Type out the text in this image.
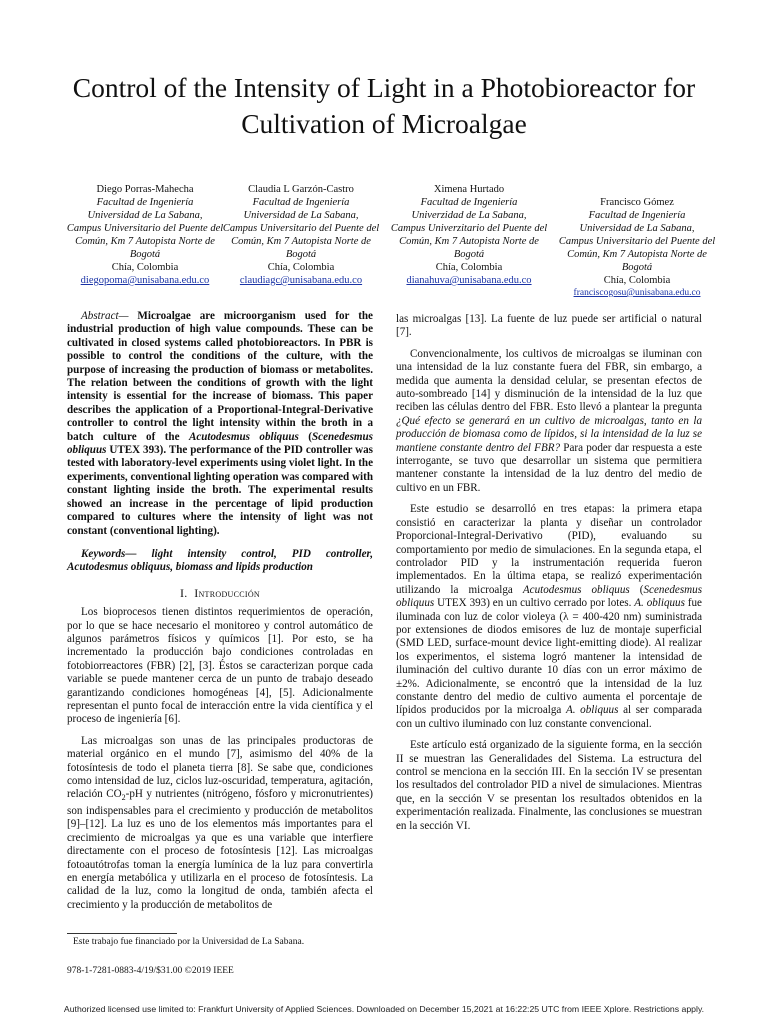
Control of the Intensity of Light in a Photobioreactor for Cultivation of Microalgae
Diego Porras-Mahecha
Facultad de Ingeniería
Universidad de La Sabana,
Campus Universitario del Puente del Común, Km 7 Autopista Norte de Bogotá
Chía, Colombia
diegopoma@unisabana.edu.co
Claudia L Garzón-Castro
Facultad de Ingeniería
Universidad de La Sabana,
Campus Universitario del Puente del Común, Km 7 Autopista Norte de Bogotá
Chía, Colombia
claudiagc@unisabana.edu.co
Ximena Hurtado
Facultad de Ingeniería
Univerzidad de La Sabana,
Campus Univerzitario del Puente del Común, Km 7 Autopista Norte de Bogotá
Chía, Colombia
dianahuva@unisabana.edu.co
Francisco Gómez
Facultad de Ingeniería
Universidad de La Sabana,
Campus Universitario del Puente del Común, Km 7 Autopista Norte de Bogotá
Chía, Colombia
franciscogosu@unisabana.edu.co

Abstract— Microalgae are microorganism used for the industrial production of high value compounds. These can be cultivated in closed systems called photobioreactors. In PBR is possible to control the conditions of the culture, with the purpose of increasing the production of biomass or metabolites. The relation between the conditions of growth with the light intensity is essential for the increase of biomass. This paper describes the application of a Proportional-Integral-Derivative controller to control the light intensity within the broth in a batch culture of the Acutodesmus obliquus (Scenedesmus obliquus UTEX 393). The performance of the PID controller was tested with laboratory-level experiments using violet light. In the experiments, conventional lighting operation was compared with constant lighting inside the broth. The experimental results showed an increase in the percentage of lipid production compared to cultures where the intensity of light was not constant (conventional lighting).

Keywords— light intensity control, PID controller, Acutodesmus obliquus, biomass and lipids production

I. Introducción

Los bioprocesos tienen distintos requerimientos de operación, por lo que se hace necesario el monitoreo y control automático de algunos parámetros físicos y químicos [1]. Por esto, se ha incrementado la producción bajo condiciones controladas en fotobiorreactores (FBR) [2], [3]. Éstos se caracterizan porque cada variable se puede mantener cerca de un punto de trabajo deseado garantizando condiciones homogéneas [4], [5]. Adicionalmente representan el punto focal de interacción entre la vida científica y el proceso de ingeniería [6].

Las microalgas son unas de las principales productoras de material orgánico en el mundo [7], asimismo del 40% de la fotosíntesis de todo el planeta tierra [8]. Se sabe que, condiciones como intensidad de luz, ciclos luz-oscuridad, temperatura, agitación, relación $CO_2-pH$ y nutrientes (nitrógeno, fósforo y micronutrientes) son indispensables para el crecimiento y producción de metabolitos [9]–[12]. La luz es uno de los elementos más importantes para el crecimiento de microalgas ya que es una variable que interfiere directamente con el proceso de fotosíntesis [12]. Las microalgas fotoautótrofas toman la energía lumínica de la luz para convertirla en energía metabólica y utilizarla en el proceso de fotosíntesis. La calidad de la luz, como la longitud de onda, también afecta el crecimiento y la producción de metabolitos de

las microalgas [13]. La fuente de luz puede ser artificial o natural [7].

Convencionalmente, los cultivos de microalgas se iluminan con una intensidad de la luz constante fuera del FBR, sin embargo, a medida que aumenta la densidad celular, se presentan efectos de auto-sombreado [14] y disminución de la intensidad de la luz que reciben las células dentro del FBR. Esto llevó a plantear la pregunta ¿Qué efecto se generará en un cultivo de microalgas, tanto en la producción de biomasa como de lípidos, si la intensidad de la luz se mantiene constante dentro del FBR? Para poder dar respuesta a este interrogante, se tuvo que desarrollar un sistema que permitiera mantener constante la intensidad de la luz dentro del medio de cultivo en un FBR.

Este estudio se desarrolló en tres etapas: la primera etapa consistió en caracterizar la planta y diseñar un controlador Proporcional-Integral-Derivativo (PID), evaluando su comportamiento por medio de simulaciones. En la segunda etapa, el controlador PID y la instrumentación requerida fueron implementados. En la última etapa, se realizó experimentación utilizando la microalga Acutodesmus obliquus (Scenedesmus obliquus UTEX 393) en un cultivo cerrado por lotes. A. obliquus fue iluminada con luz de color violeya (λ = 400-420 nm) suministrada por extensiones de diodos emisores de luz de montaje superficial (SMD LED, surface-mount device light-emitting diode). Al realizar los experimentos, el sistema logró mantener la intensidad de iluminación del cultivo durante 10 días con un error máximo de ±2%. Adicionalmente, se encontró que la intensidad de la luz constante dentro del medio de cultivo aumenta el porcentaje de lípidos producidos por la microalga A. obliquus al ser comparada con un cultivo iluminado con luz constante convencional.

Este artículo está organizado de la siguiente forma, en la sección II se muestran las Generalidades del Sistema. La estructura del control se menciona en la sección III. En la sección IV se presentan los resultados del controlador PID a nivel de simulaciones. Mientras que, en la sección V se presentan los resultados obtenidos en la experimentación realizada. Finalmente, las conclusiones se muestran en la sección VI.

Este trabajo fue financiado por la Universidad de La Sabana.
978-1-7281-0883-4/19/$31.00 ©2019 IEEE
Authorized licensed use limited to: Frankfurt University of Applied Sciences. Downloaded on December 15,2021 at 16:22:25 UTC from IEEE Xplore. Restrictions apply.
